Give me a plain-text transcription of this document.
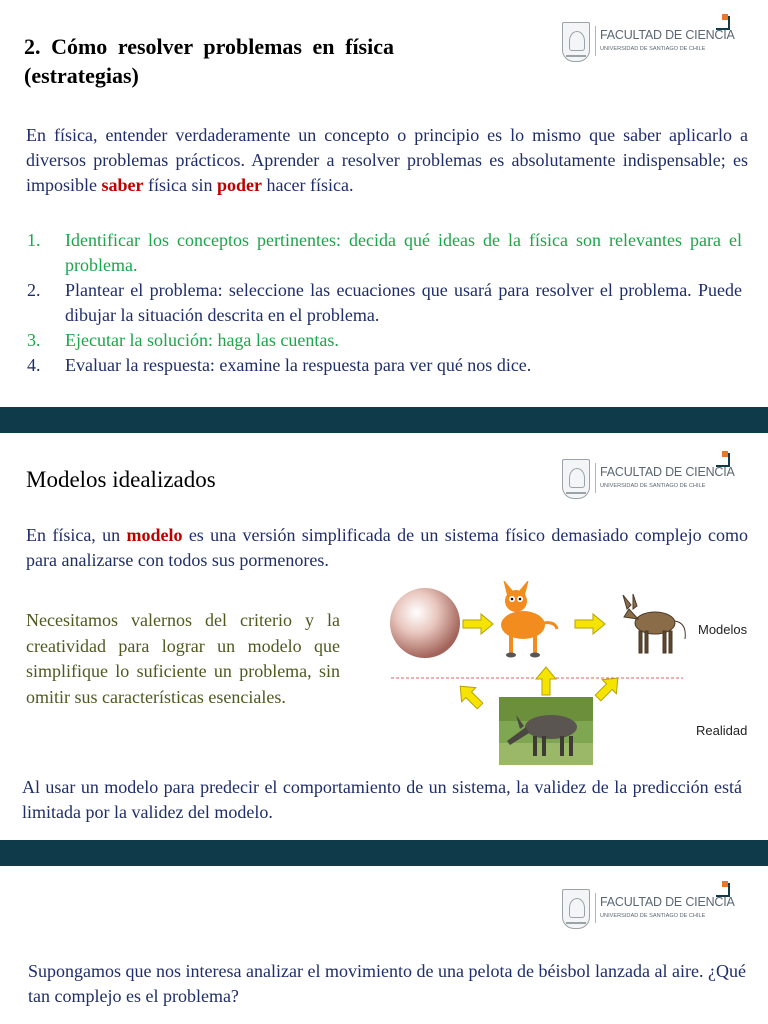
FACULTAD DE CIENCIA
UNIVERSIDAD DE SANTIAGO DE CHILE
2. Cómo resolver problemas en física (estrategias)

En física, entender verdaderamente un concepto o principio es lo mismo que saber aplicarlo a diversos problemas prácticos. Aprender a resolver problemas es absolutamente indispensable; es imposible saber física sin poder hacer física.

1. Identificar los conceptos pertinentes: decida qué ideas de la física son relevantes para el problema.
2. Plantear el problema: seleccione las ecuaciones que usará para resolver el problema. Puede dibujar la situación descrita en el problema.
3. Ejecutar la solución: haga las cuentas.
4. Evaluar la respuesta: examine la respuesta para ver qué nos dice.
FACULTAD DE CIENCIA
UNIVERSIDAD DE SANTIAGO DE CHILE
Modelos idealizados

En física, un modelo es una versión simplificada de un sistema físico demasiado complejo como para analizarse con todos sus pormenores.

Necesitamos valernos del criterio y la creatividad para lograr un modelo que simplifique lo suficiente un problema, sin omitir sus características esenciales.

Modelos
Realidad

Al usar un modelo para predecir el comportamiento de un sistema, la validez de la predicción está limitada por la validez del modelo.

FACULTAD DE CIENCIA
UNIVERSIDAD DE SANTIAGO DE CHILE

Supongamos que nos interesa analizar el movimiento de una pelota de béisbol lanzada al aire. ¿Qué tan complejo es el problema?
